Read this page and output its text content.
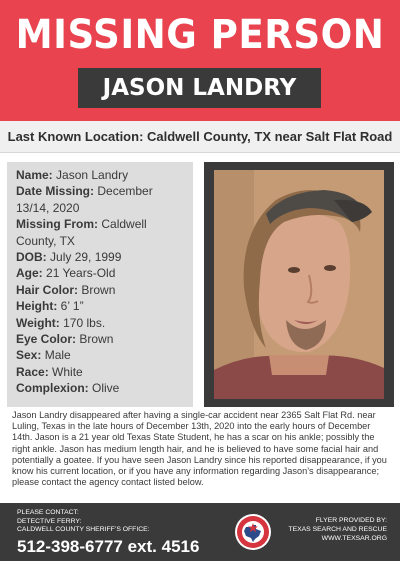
MISSING PERSON
JASON LANDRY
Last Known Location: Caldwell County, TX near Salt Flat Road
Name: Jason Landry
Date Missing: December 13/14, 2020
Missing From: Caldwell County, TX
DOB: July 29, 1999
Age: 21 Years-Old
Hair Color: Brown
Height: 6’ 1”
Weight: 170 lbs.
Eye Color: Brown
Sex: Male
Race: White
Complexion: Olive
Jason Landry disappeared after having a single-car accident near 2365 Salt Flat Rd. near Luling, Texas in the late hours of December 13th, 2020 into the early hours of December 14th. Jason is a 21 year old Texas State Student, he has a scar on his ankle; possibly the right ankle. Jason has medium length hair, and he is believed to have some facial hair and potentially a goatee. If you have seen Jason Landry since his reported disappearance, if you know his current location, or if you have any information regarding Jason’s disappearance; please contact the agency contact listed below.
PLEASE CONTACT:
DETECTIVE FERRY:
CALDWELL COUNTY SHERIFF’S OFFICE:
512-398-6777 ext. 4516
FLYER PROVIDED BY:
TEXAS SEARCH AND RESCUE
WWW.TEXSAR.ORG
